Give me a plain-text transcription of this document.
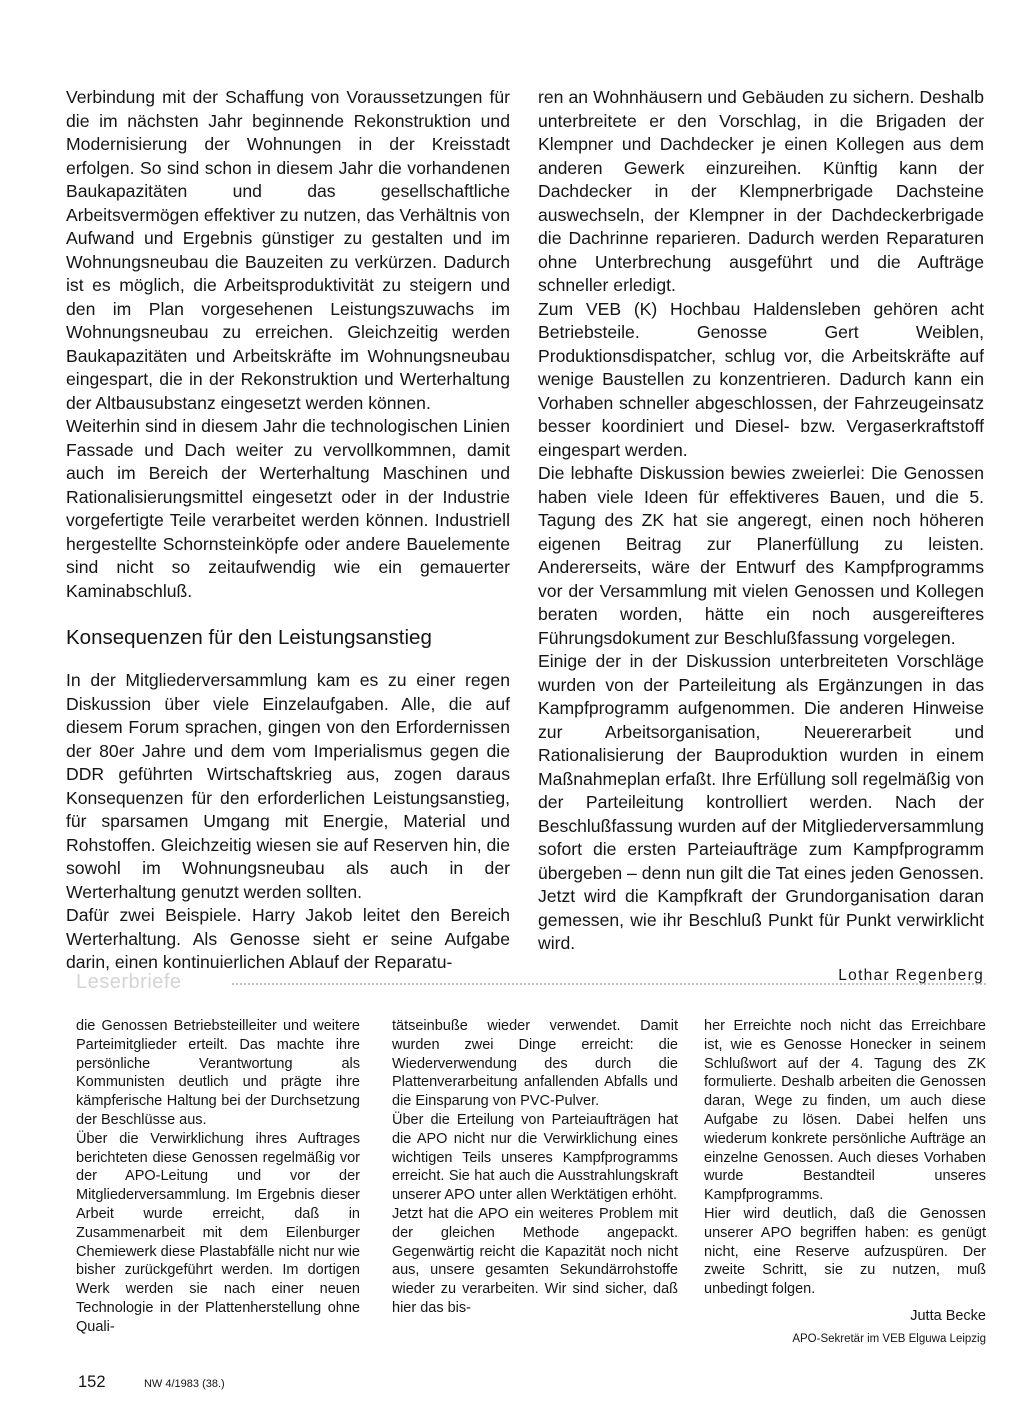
Verbindung mit der Schaffung von Voraussetzungen für die im nächsten Jahr beginnende Rekonstruktion und Modernisierung der Wohnungen in der Kreisstadt erfolgen. So sind schon in diesem Jahr die vorhandenen Baukapazitäten und das gesellschaftliche Arbeitsvermögen effektiver zu nutzen, das Verhältnis von Aufwand und Ergebnis günstiger zu gestalten und im Wohnungsneubau die Bauzeiten zu verkürzen. Dadurch ist es möglich, die Arbeitsproduktivität zu steigern und den im Plan vorgesehenen Leistungszuwachs im Wohnungsneubau zu erreichen. Gleichzeitig werden Baukapazitäten und Arbeitskräfte im Wohnungsneubau eingespart, die in der Rekonstruktion und Werterhaltung der Altbausubstanz eingesetzt werden können.

Weiterhin sind in diesem Jahr die technologischen Linien Fassade und Dach weiter zu vervollkommnen, damit auch im Bereich der Werterhaltung Maschinen und Rationalisierungsmittel eingesetzt oder in der Industrie vorgefertigte Teile verarbeitet werden können. Industriell hergestellte Schornsteinköpfe oder andere Bauelemente sind nicht so zeitaufwendig wie ein gemauerter Kaminabschluß.

Konsequenzen für den Leistungsanstieg

In der Mitgliederversammlung kam es zu einer regen Diskussion über viele Einzelaufgaben. Alle, die auf diesem Forum sprachen, gingen von den Erfordernissen der 80er Jahre und dem vom Imperialismus gegen die DDR geführten Wirtschaftskrieg aus, zogen daraus Konsequenzen für den erforderlichen Leistungsanstieg, für sparsamen Umgang mit Energie, Material und Rohstoffen. Gleichzeitig wiesen sie auf Reserven hin, die sowohl im Wohnungsneubau als auch in der Werterhaltung genutzt werden sollten.

Dafür zwei Beispiele. Harry Jakob leitet den Bereich Werterhaltung. Als Genosse sieht er seine Aufgabe darin, einen kontinuierlichen Ablauf der Reparatu-

ren an Wohnhäusern und Gebäuden zu sichern. Deshalb unterbreitete er den Vorschlag, in die Brigaden der Klempner und Dachdecker je einen Kollegen aus dem anderen Gewerk einzureihen. Künftig kann der Dachdecker in der Klempnerbrigade Dachsteine auswechseln, der Klempner in der Dachdeckerbrigade die Dachrinne reparieren. Dadurch werden Reparaturen ohne Unterbrechung ausgeführt und die Aufträge schneller erledigt.

Zum VEB (K) Hochbau Haldensleben gehören acht Betriebsteile. Genosse Gert Weiblen, Produktionsdispatcher, schlug vor, die Arbeitskräfte auf wenige Baustellen zu konzentrieren. Dadurch kann ein Vorhaben schneller abgeschlossen, der Fahrzeugeinsatz besser koordiniert und Diesel- bzw. Vergaserkraftstoff eingespart werden.

Die lebhafte Diskussion bewies zweierlei: Die Genossen haben viele Ideen für effektiveres Bauen, und die 5. Tagung des ZK hat sie angeregt, einen noch höheren eigenen Beitrag zur Planerfüllung zu leisten. Andererseits, wäre der Entwurf des Kampfprogramms vor der Versammlung mit vielen Genossen und Kollegen beraten worden, hätte ein noch ausgereifteres Führungsdokument zur Beschlußfassung vorgelegen.

Einige der in der Diskussion unterbreiteten Vorschläge wurden von der Parteileitung als Ergänzungen in das Kampfprogramm aufgenommen. Die anderen Hinweise zur Arbeitsorganisation, Neuererarbeit und Rationalisierung der Bauproduktion wurden in einem Maßnahmeplan erfaßt. Ihre Erfüllung soll regelmäßig von der Parteileitung kontrolliert werden. Nach der Beschlußfassung wurden auf der Mitgliederversammlung sofort die ersten Parteiaufträge zum Kampfprogramm übergeben – denn nun gilt die Tat eines jeden Genossen. Jetzt wird die Kampfkraft der Grundorganisation daran gemessen, wie ihr Beschluß Punkt für Punkt verwirklicht wird.

Lothar Regenberg
Leserbriefe

die Genossen Betriebsteilleiter und weitere Parteimitglieder erteilt. Das machte ihre persönliche Verantwortung als Kommunisten deutlich und prägte ihre kämpferische Haltung bei der Durchsetzung der Beschlüsse aus.

Über die Verwirklichung ihres Auftrages berichteten diese Genossen regelmäßig vor der APO-Leitung und vor der Mitgliederversammlung. Im Ergebnis dieser Arbeit wurde erreicht, daß in Zusammenarbeit mit dem Eilenburger Chemiewerk diese Plastabfälle nicht nur wie bisher zurückgeführt werden. Im dortigen Werk werden sie nach einer neuen Technologie in der Plattenherstellung ohne Quali-

tätseinbuße wieder verwendet. Damit wurden zwei Dinge erreicht: die Wiederverwendung des durch die Plattenverarbeitung anfallenden Abfalls und die Einsparung von PVC-Pulver.

Über die Erteilung von Parteiaufträgen hat die APO nicht nur die Verwirklichung eines wichtigen Teils unseres Kampfprogramms erreicht. Sie hat auch die Ausstrahlungskraft unserer APO unter allen Werktätigen erhöht.

Jetzt hat die APO ein weiteres Problem mit der gleichen Methode angepackt. Gegenwärtig reicht die Kapazität noch nicht aus, unsere gesamten Sekundärrohstoffe wieder zu verarbeiten. Wir sind sicher, daß hier das bis-

her Erreichte noch nicht das Erreichbare ist, wie es Genosse Honecker in seinem Schlußwort auf der 4. Tagung des ZK formulierte. Deshalb arbeiten die Genossen daran, Wege zu finden, um auch diese Aufgabe zu lösen. Dabei helfen uns wiederum konkrete persönliche Aufträge an einzelne Genossen. Auch dieses Vorhaben wurde Bestandteil unseres Kampfprogramms.

Hier wird deutlich, daß die Genossen unserer APO begriffen haben: es genügt nicht, eine Reserve aufzuspüren. Der zweite Schritt, sie zu nutzen, muß unbedingt folgen.

Jutta Becke
APO-Sekretär im VEB Elguwa Leipzig
152	NW 4/1983 (38.)
